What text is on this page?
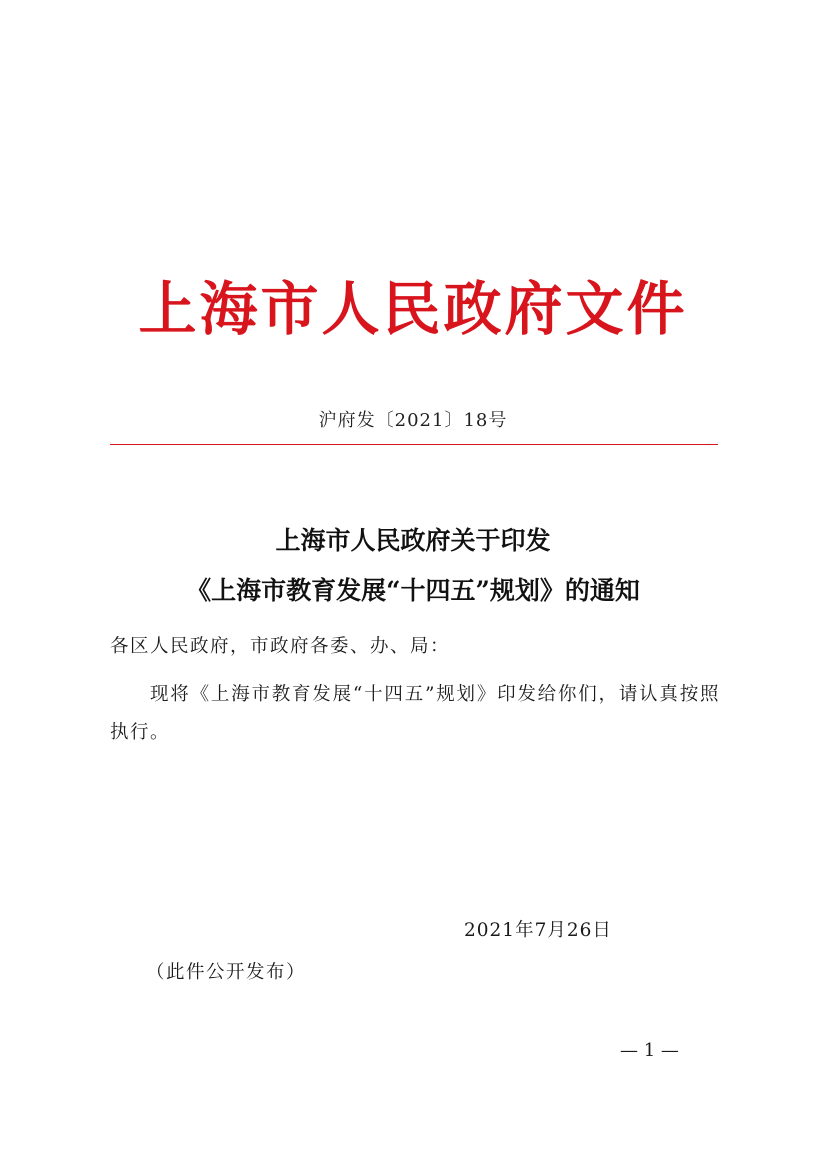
上海市人民政府文件
沪府发〔2021〕18号
上海市人民政府关于印发
《上海市教育发展“十四五”规划》的通知
各区人民政府，市政府各委、办、局：
现将《上海市教育发展“十四五”规划》印发给你们，请认真按照执行。
2021年7月26日
（此件公开发布）
— 1 —
